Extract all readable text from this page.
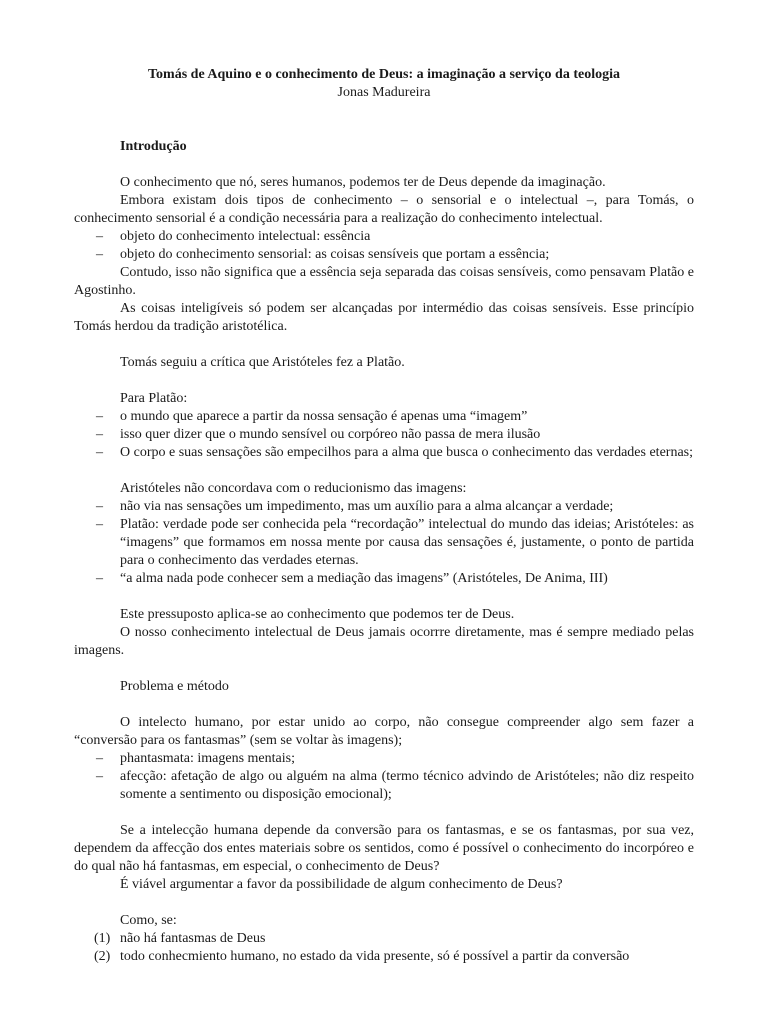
Tomás de Aquino e o conhecimento de Deus: a imaginação a serviço da teologia
Jonas Madureira
Introdução

O conhecimento que nó, seres humanos, podemos ter de Deus depende da imaginação.

Embora existam dois tipos de conhecimento – o sensorial e o intelectual –, para Tomás, o conhecimento sensorial é a condição necessária para a realização do conhecimento intelectual.

– objeto do conhecimento intelectual: essência
– objeto do conhecimento sensorial: as coisas sensíveis que portam a essência;

Contudo, isso não significa que a essência seja separada das coisas sensíveis, como pensavam Platão e Agostinho.

As coisas inteligíveis só podem ser alcançadas por intermédio das coisas sensíveis. Esse princípio Tomás herdou da tradição aristotélica.

Tomás seguiu a crítica que Aristóteles fez a Platão.

Para Platão:

– o mundo que aparece a partir da nossa sensação é apenas uma “imagem”
– isso quer dizer que o mundo sensível ou corpóreo não passa de mera ilusão
– O corpo e suas sensações são empecilhos para a alma que busca o conhecimento das verdades eternas;

Aristóteles não concordava com o reducionismo das imagens:

– não via nas sensações um impedimento, mas um auxílio para a alma alcançar a verdade;
– Platão: verdade pode ser conhecida pela “recordação” intelectual do mundo das ideias; Aristóteles: as “imagens” que formamos em nossa mente por causa das sensações é, justamente, o ponto de partida para o conhecimento das verdades eternas.
– “a alma nada pode conhecer sem a mediação das imagens” (Aristóteles, De Anima, III)

Este pressuposto aplica-se ao conhecimento que podemos ter de Deus.

O nosso conhecimento intelectual de Deus jamais ocorrre diretamente, mas é sempre mediado pelas imagens.

Problema e método

O intelecto humano, por estar unido ao corpo, não consegue compreender algo sem fazer a “conversão para os fantasmas” (sem se voltar às imagens);

– phantasmata: imagens mentais;
– afecção: afetação de algo ou alguém na alma (termo técnico advindo de Aristóteles; não diz respeito somente a sentimento ou disposição emocional);

Se a intelecção humana depende da conversão para os fantasmas, e se os fantasmas, por sua vez, dependem da affecção dos entes materiais sobre os sentidos, como é possível o conhecimento do incorpóreo e do qual não há fantasmas, em especial, o conhecimento de Deus?

É viável argumentar a favor da possibilidade de algum conhecimento de Deus?

Como, se:

(1) não há fantasmas de Deus
(2) todo conhecmiento humano, no estado da vida presente, só é possível a partir da conversão
